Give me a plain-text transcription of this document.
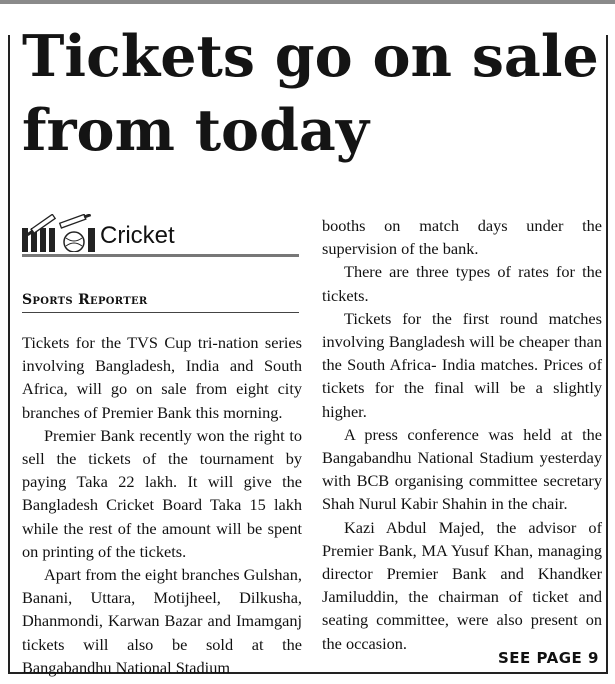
Tickets go on sale
from today
Cricket
Sports Reporter

Tickets for the TVS Cup tri-nation series involving Bangladesh, India and South Africa, will go on sale from eight city branches of Premier Bank this morning.

Premier Bank recently won the right to sell the tickets of the tournament by paying Taka 22 lakh. It will give the Bangladesh Cricket Board Taka 15 lakh while the rest of the amount will be spent on printing of the tickets.

Apart from the eight branches Gulshan, Banani, Uttara, Motijheel, Dilkusha, Dhanmondi, Karwan Bazar and Imamganj tickets will also be sold at the Bangabandhu National Stadium

booths on match days under the supervision of the bank.

There are three types of rates for the tickets.

Tickets for the first round matches involving Bangladesh will be cheaper than the South Africa- India matches. Prices of tickets for the final will be a slightly higher.

A press conference was held at the Bangabandhu National Stadium yesterday with BCB organising committee secretary Shah Nurul Kabir Shahin in the chair.

Kazi Abdul Majed, the advisor of Premier Bank, MA Yusuf Khan, managing director Premier Bank and Khandker Jamiluddin, the chairman of ticket and seating committee, were also present on the occasion.

SEE PAGE 9
